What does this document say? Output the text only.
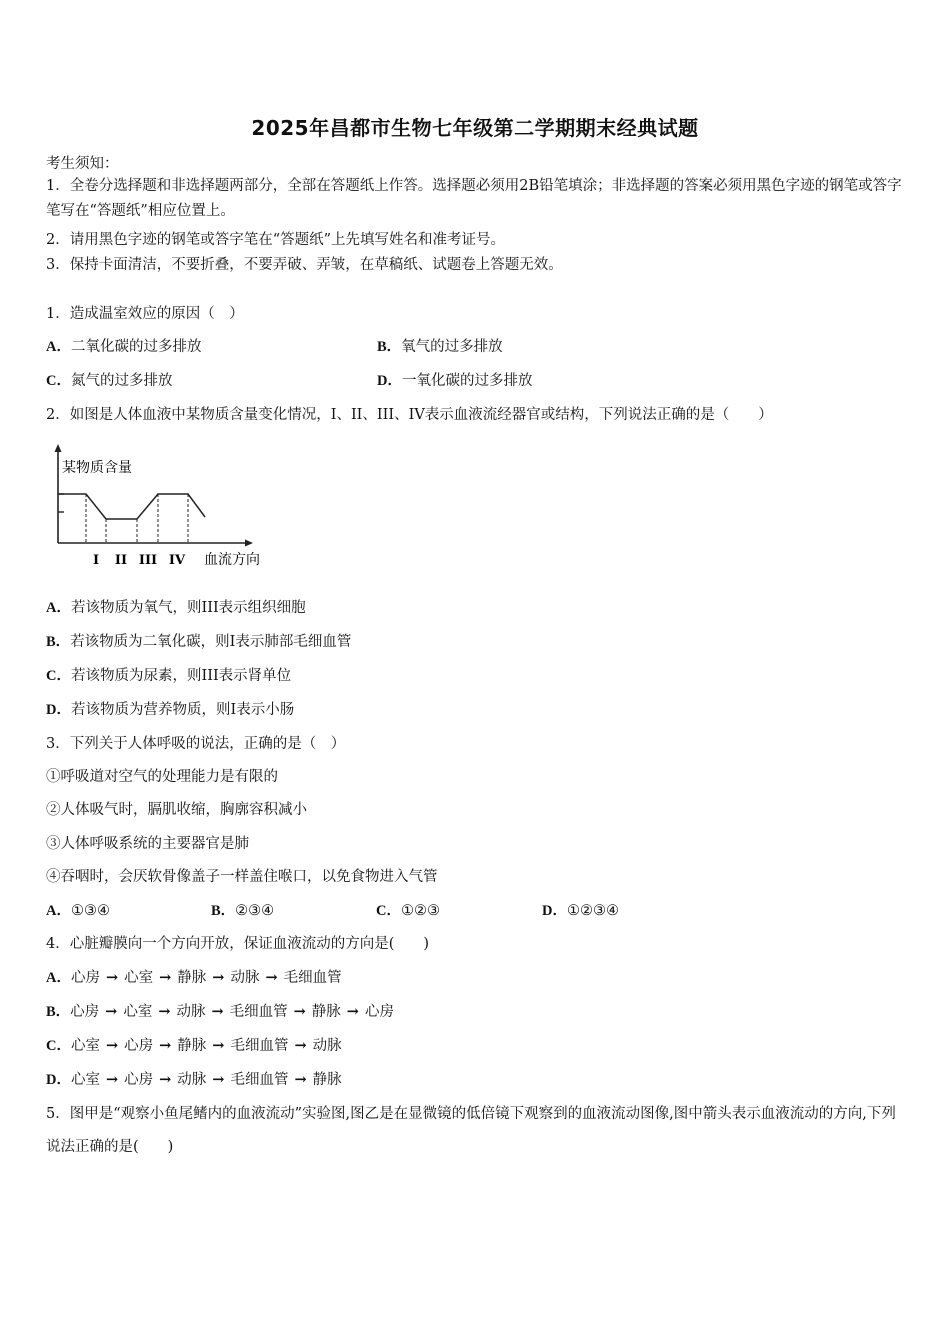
2025年昌都市生物七年级第二学期期末经典试题
考生须知：
1．全卷分选择题和非选择题两部分，全部在答题纸上作答。选择题必须用2B铅笔填涂；非选择题的答案必须用黑色字迹的钢笔或答字笔写在“答题纸”相应位置上。
2．请用黑色字迹的钢笔或答字笔在“答题纸”上先填写姓名和准考证号。
3．保持卡面清洁，不要折叠，不要弄破、弄皱，在草稿纸、试题卷上答题无效。
1．造成温室效应的原因（　）
A．二氧化碳的过多排放	B．氧气的过多排放
C．氮气的过多排放	D．一氧化碳的过多排放
2．如图是人体血液中某物质含量变化情况，I、II、III、IV表示血液流经器官或结构，下列说法正确的是（　　）
某物质含量
I II III IV 血流方向
A．若该物质为氧气，则III表示组织细胞
B．若该物质为二氧化碳，则I表示肺部毛细血管
C．若该物质为尿素，则III表示肾单位
D．若该物质为营养物质，则I表示小肠
3．下列关于人体呼吸的说法，正确的是（　）
①呼吸道对空气的处理能力是有限的
②人体吸气时，膈肌收缩，胸廓容积减小
③人体呼吸系统的主要器官是肺
④吞咽时，会厌软骨像盖子一样盖住喉口，以免食物进入气管
A．①③④	B．②③④	C．①②③	D．①②③④
4．心脏瓣膜向一个方向开放，保证血液流动的方向是(　　)
A．心房 → 心室 → 静脉 → 动脉 → 毛细血管
B．心房 → 心室 → 动脉 → 毛细血管 → 静脉 → 心房
C．心室 → 心房 → 静脉 → 毛细血管 → 动脉
D．心室 → 心房 → 动脉 → 毛细血管 → 静脉
5．图甲是“观察小鱼尾鳍内的血液流动”实验图,图乙是在显微镜的低倍镜下观察到的血液流动图像,图中箭头表示血液流动的方向,下列说法正确的是(　　)
